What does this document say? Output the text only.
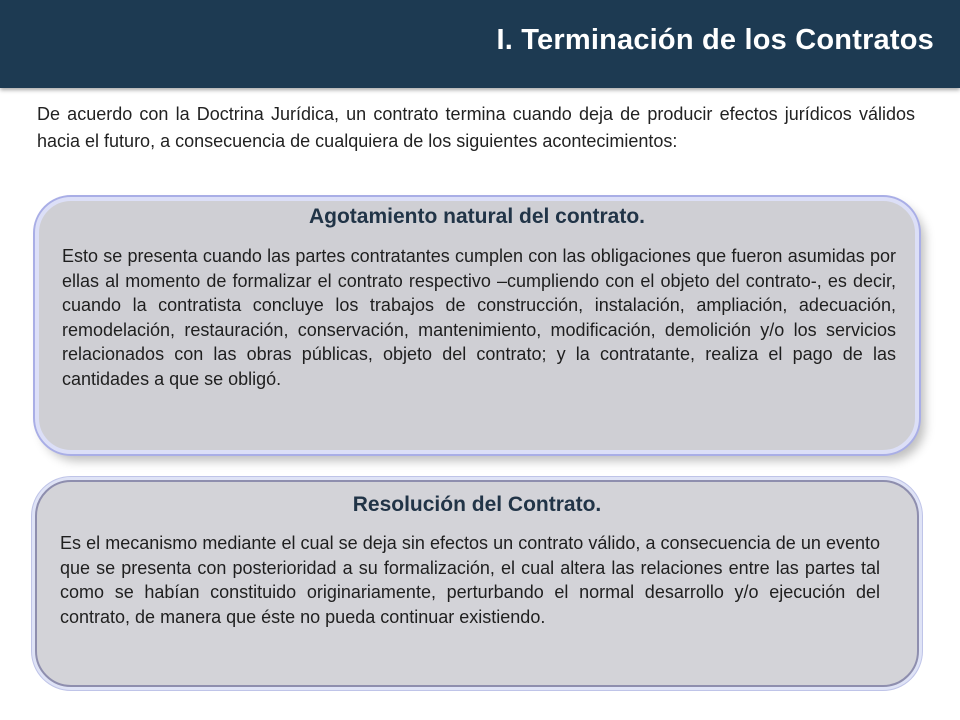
I. Terminación de los Contratos
De acuerdo con la Doctrina Jurídica, un contrato termina cuando deja de producir efectos jurídicos válidos hacia el futuro, a consecuencia de cualquiera de los siguientes acontecimientos:
Agotamiento natural del contrato.
Esto se presenta cuando las partes contratantes cumplen con las obligaciones que fueron asumidas por ellas al momento de formalizar el contrato respectivo –cumpliendo con el objeto del contrato-, es decir, cuando la contratista concluye los trabajos de construcción, instalación, ampliación, adecuación, remodelación, restauración, conservación, mantenimiento, modificación, demolición y/o los servicios relacionados con las obras públicas, objeto del contrato; y la contratante, realiza el pago de las cantidades a que se obligó.
Resolución del Contrato.
Es el mecanismo mediante el cual se deja sin efectos un contrato válido, a consecuencia de un evento que se presenta con posterioridad a su formalización, el cual altera las relaciones entre las partes tal como se habían constituido originariamente, perturbando el normal desarrollo y/o ejecución del contrato, de manera que éste no pueda continuar existiendo.
